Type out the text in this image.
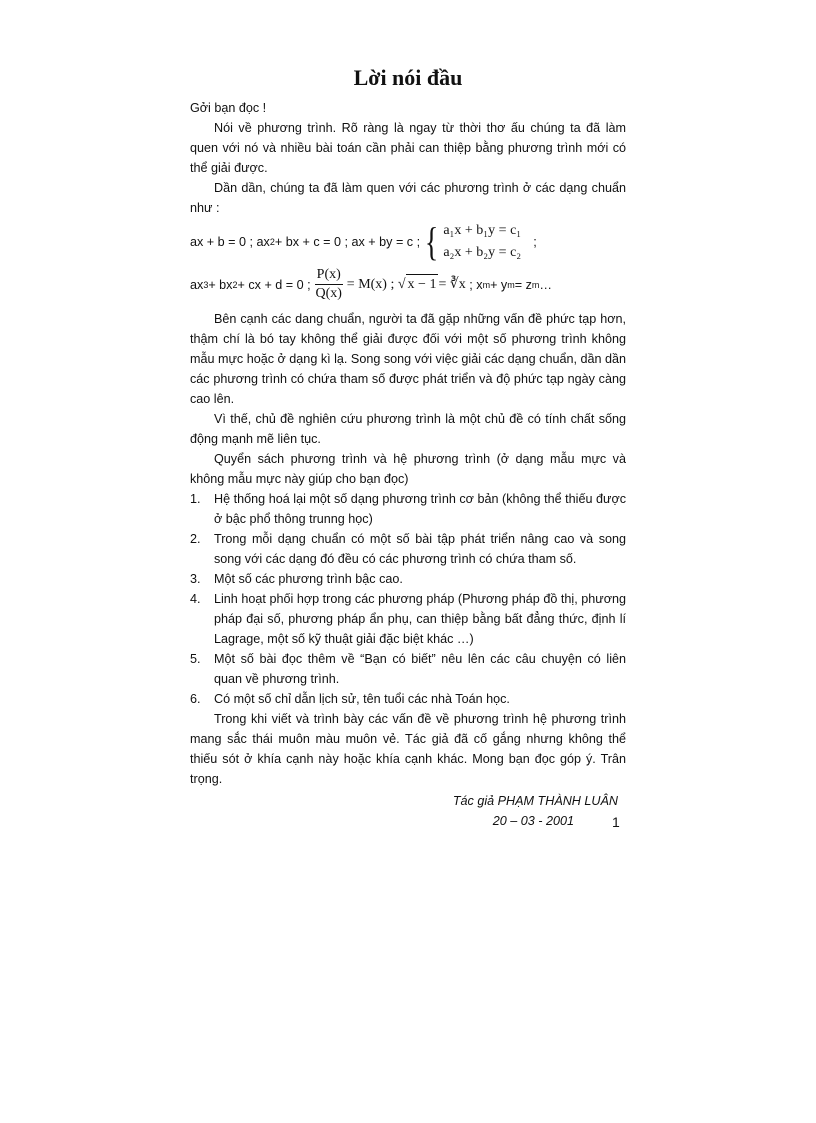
Lời nói đầu

Gởi bạn đọc !

Nói về phương trình. Rõ ràng là ngay từ thời thơ ấu chúng ta đã làm quen với nó và nhiều bài toán cần phải can thiệp bằng phương trình mới có thể giải được.

Dần dần, chúng ta đã làm quen với các phương trình ở các dạng chuẩn như :

ax + b = 0 ;
ax 2 + bx + c = 0 ; ax + by = c ; { a₁x + b₁y = c₁
a₂x + b₂y = c₂
;
ax 3 + bx 2 + cx + d = 0 ; $\frac{P(x)}{Q(x)} = M(x)$ ;
√ x − 1 = ∛x
; x m + y m = z m …

Bên cạnh các dang chuẩn, người ta đã gặp những vấn đề phức tạp hơn, thậm chí là bó tay không thể giải được đối với một số phương trình không mẫu mực hoặc ở dạng kì lạ. Song song với việc giải các dạng chuẩn, dần dần các phương trình có chứa tham số được phát triển và độ phức tạp ngày càng cao lên.

Vì thế, chủ đề nghiên cứu phương trình là một chủ đề có tính chất sống động mạnh mẽ liên tục.

Quyển sách phương trình và hệ phương trình (ở dạng mẫu mực và không mẫu mực này giúp cho bạn đọc)

1.	Hệ thống hoá lại một số dạng phương trình cơ bản (không thể thiếu được ở bậc phổ thông trunng học)
2.	Trong mỗi dạng chuẩn có một số bài tập phát triển nâng cao và song song với các dạng đó đều có các phương trình có chứa tham số.
3.	Một số các phương trình bậc cao.
4.	Linh hoạt phối hợp trong các phương pháp (Phương pháp đồ thị, phương pháp đại số, phương pháp ẩn phụ, can thiệp bằng bất đẳng thức, định lí Lagrage, một số kỹ thuật giải đặc biệt khác …)
5.	Một số bài đọc thêm về “Bạn có biết” nêu lên các câu chuyện có liên quan về phương trình.
6.	Có một số chỉ dẫn lịch sử, tên tuổi các nhà Toán học.

Trong khi viết và trình bày các vấn đề về phương trình hệ phương trình mang sắc thái muôn màu muôn vẻ. Tác giả đã cố gắng nhưng không thể thiếu sót ở khía cạnh này hoặc khía cạnh khác. Mong bạn đọc góp ý. Trân trọng.

Tác giả PHẠM THÀNH LUÂN
20 – 03 - 2001	1
